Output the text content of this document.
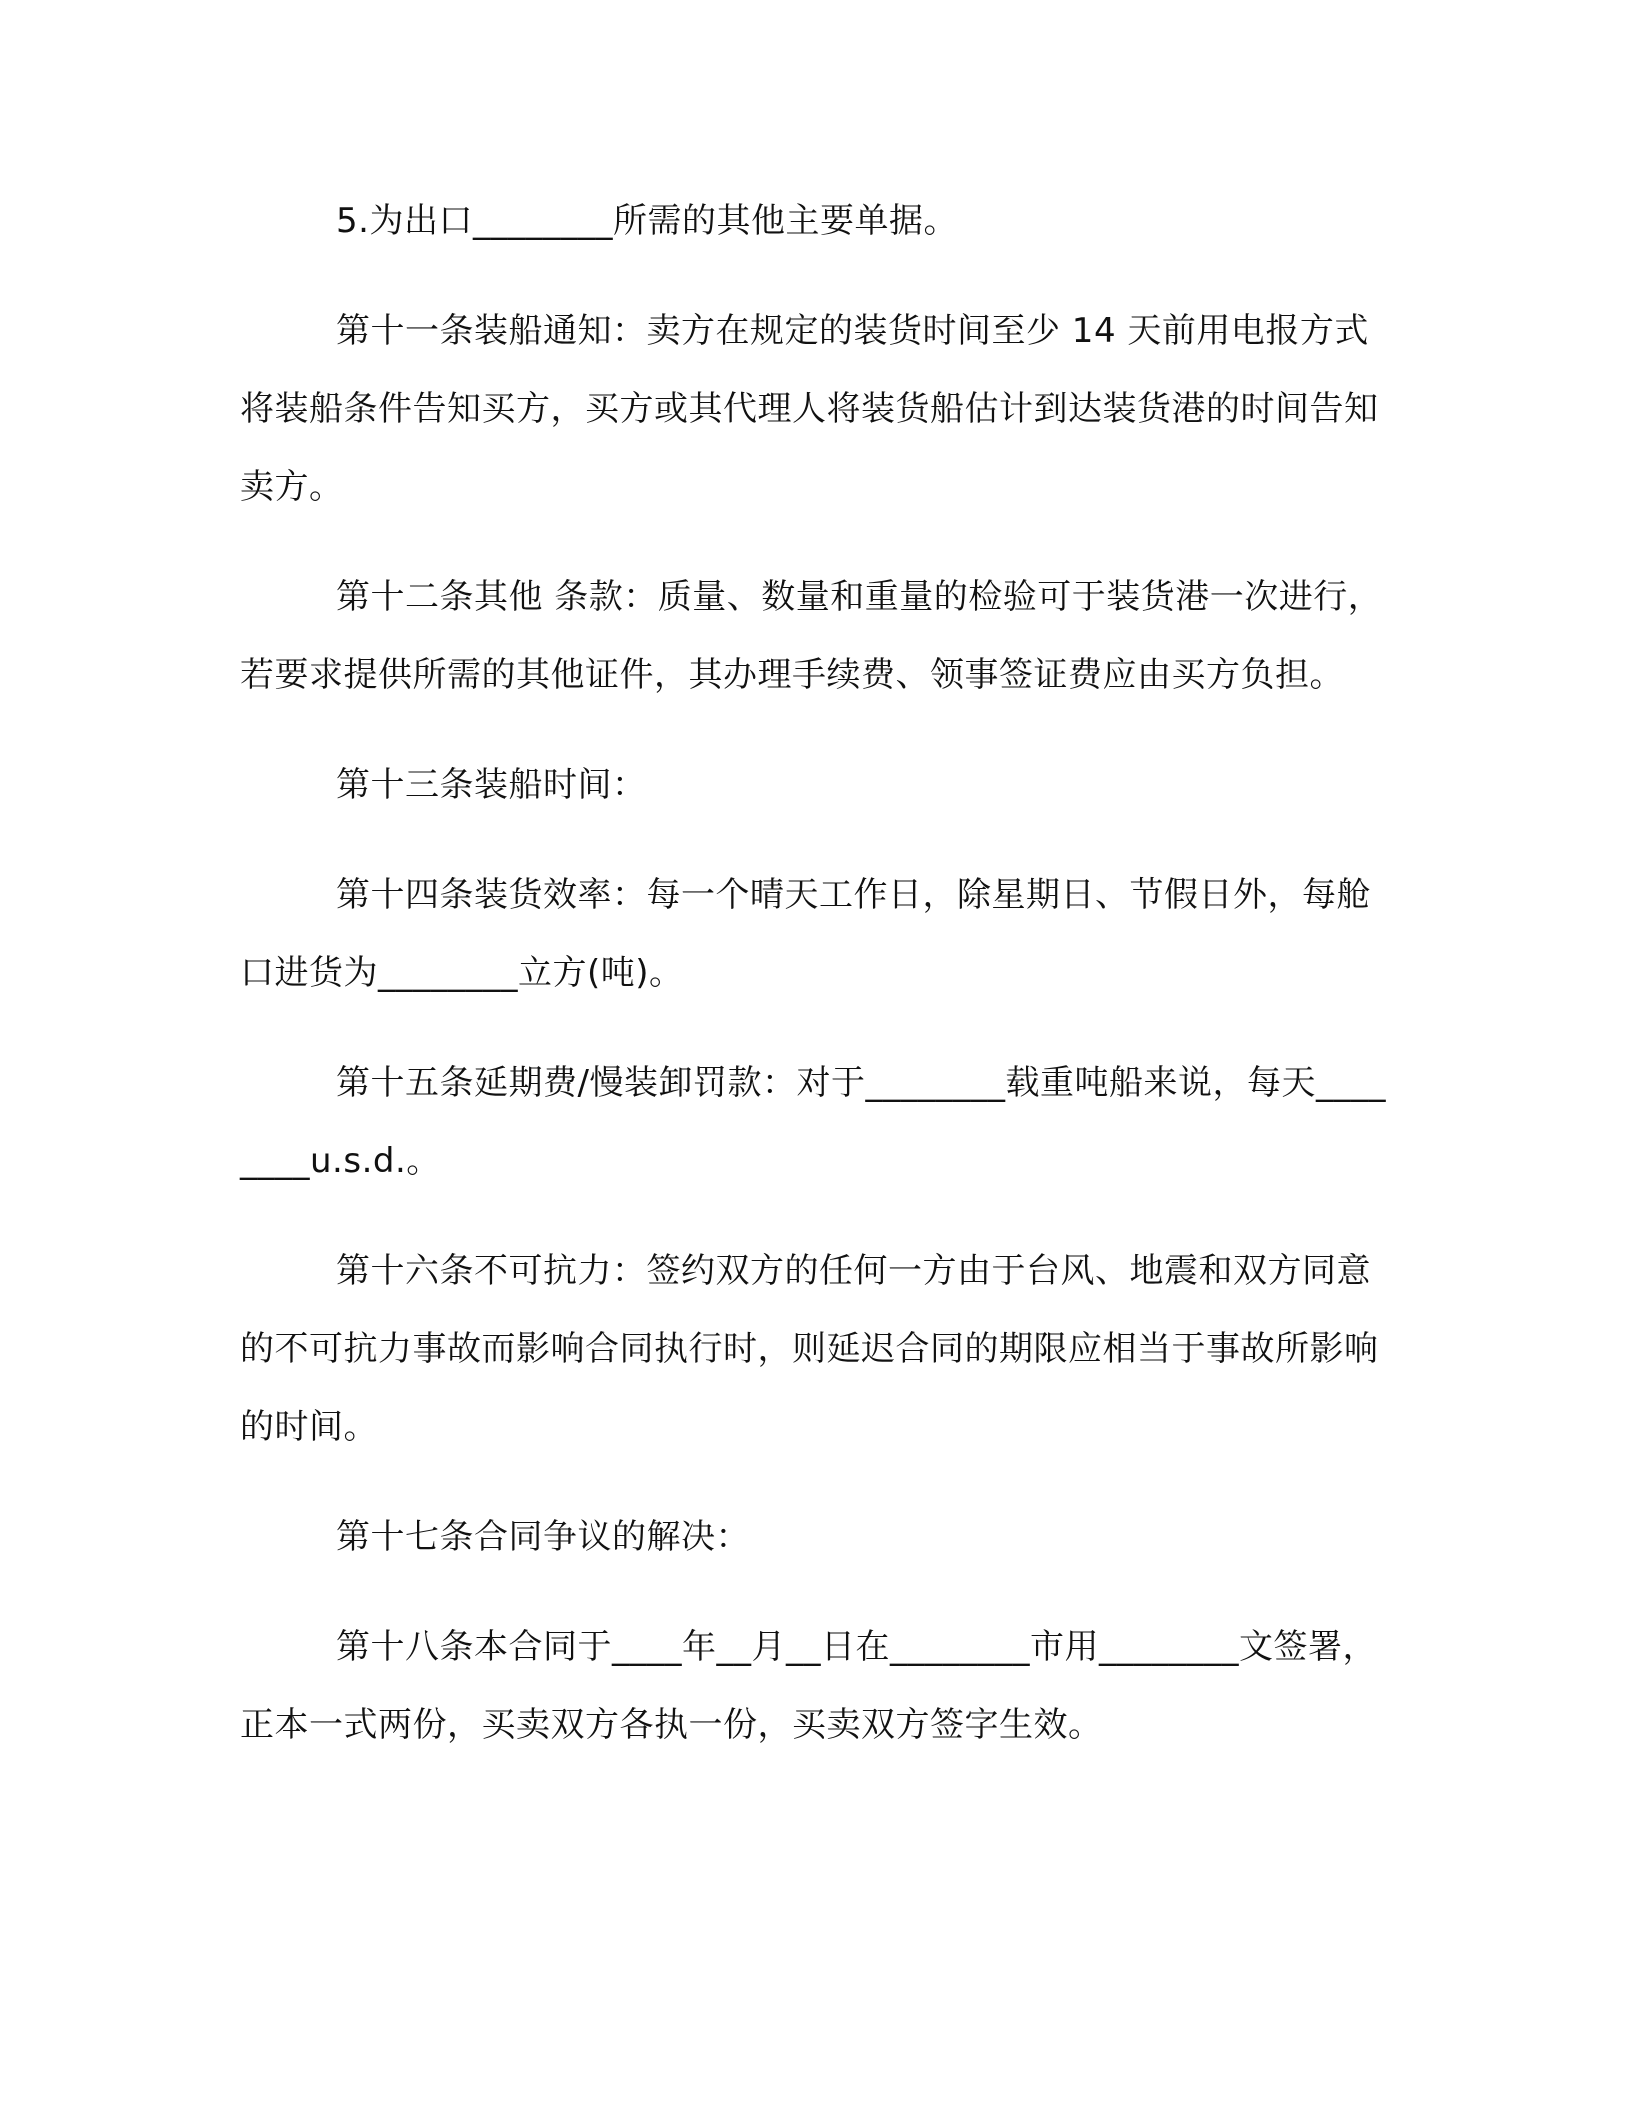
5.为出口________所需的其他主要单据。

第十一条装船通知：卖方在规定的装货时间至少 14 天前用电报方式将装船条件告知买方，买方或其代理人将装货船估计到达装货港的时间告知卖方。

第十二条其他 条款：质量、数量和重量的检验可于装货港一次进行，若要求提供所需的其他证件，其办理手续费、领事签证费应由买方负担。

第十三条装船时间：

第十四条装货效率：每一个晴天工作日，除星期日、节假日外，每舱口进货为________立方(吨)。

第十五条延期费/慢装卸罚款：对于________载重吨船来说，每天________u.s.d.。

第十六条不可抗力：签约双方的任何一方由于台风、地震和双方同意的不可抗力事故而影响合同执行时，则延迟合同的期限应相当于事故所影响的时间。

第十七条合同争议的解决：

第十八条本合同于____年__月__日在________市用________文签署，正本一式两份，买卖双方各执一份，买卖双方签字生效。
